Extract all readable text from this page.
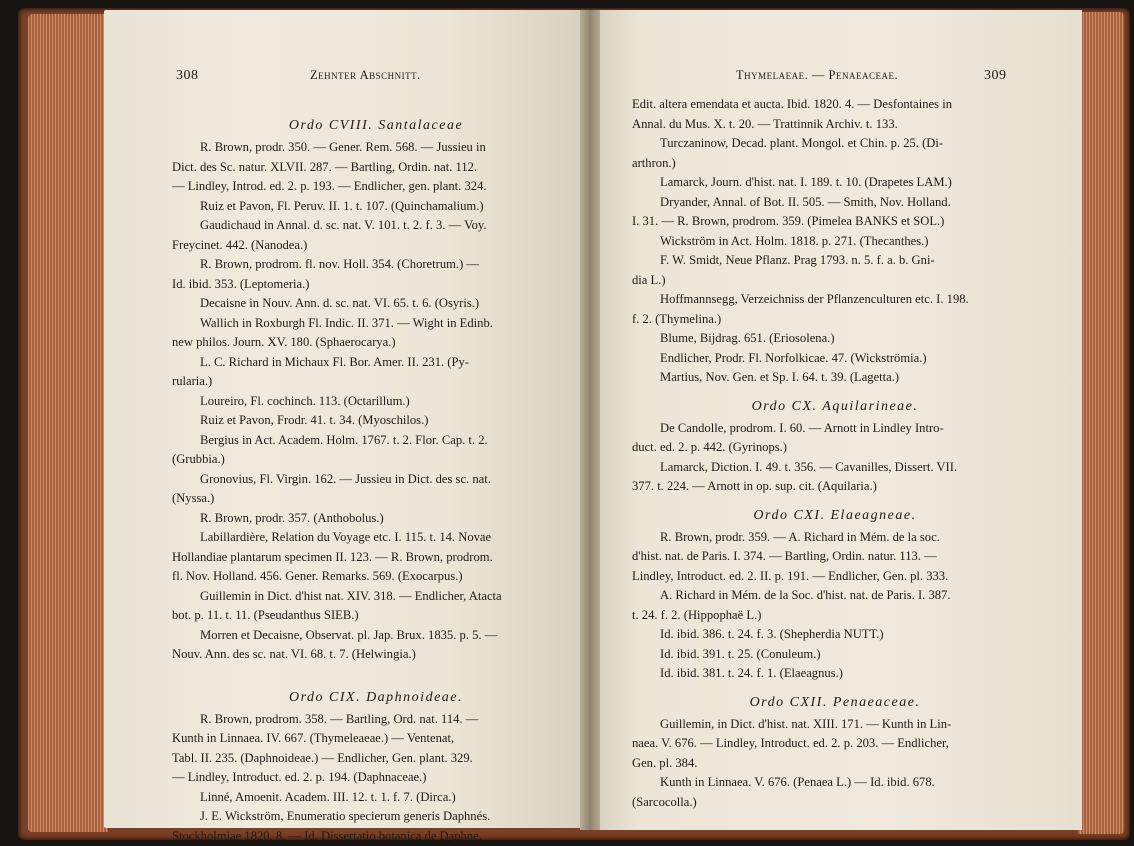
308	Zehnter Abschnitt.	Thymelaeae. — Penaeaceae.	309

Ordo CVIII. Santalaceae

R. Brown, prodr. 350. — Gener. Rem. 568. — Jussieu in

Dict. des Sc. natur. XLVII. 287. — Bartling, Ordin. nat. 112.

— Lindley, Introd. ed. 2. p. 193. — Endlicher, gen. plant. 324.

Ruiz et Pavon, Fl. Peruv. II. 1. t. 107. (Quinchamalium.)

Gaudichaud in Annal. d. sc. nat. V. 101. t. 2. f. 3. — Voy.

Freycinet. 442. (Nanodea.)

R. Brown, prodrom. fl. nov. Holl. 354. (Choretrum.) —

Id. ibid. 353. (Leptomeria.)

Decaisne in Nouv. Ann. d. sc. nat. VI. 65. t. 6. (Osyris.)

Wallich in Roxburgh Fl. Indic. II. 371. — Wight in Edinb.

new philos. Journ. XV. 180. (Sphaerocarya.)

L. C. Richard in Michaux Fl. Bor. Amer. II. 231. (Py-

rularia.)

Loureiro, Fl. cochinch. 113. (Octarillum.)

Ruiz et Pavon, Frodr. 41. t. 34. (Myoschilos.)

Bergius in Act. Academ. Holm. 1767. t. 2. Flor. Cap. t. 2.

(Grubbia.)

Gronovius, Fl. Virgin. 162. — Jussieu in Dict. des sc. nat.

(Nyssa.)

R. Brown, prodr. 357. (Anthobolus.)

Labillardière, Relation du Voyage etc. I. 115. t. 14. Novae

Hollandiae plantarum specimen II. 123. — R. Brown, prodrom.

fl. Nov. Holland. 456. Gener. Remarks. 569. (Exocarpus.)

Guillemin in Dict. d'hist nat. XIV. 318. — Endlicher, Atacta

bot. p. 11. t. 11. (Pseudanthus SIEB.)

Morren et Decaisne, Observat. pl. Jap. Brux. 1835. p. 5. —

Nouv. Ann. des sc. nat. VI. 68. t. 7. (Helwingia.)

Ordo CIX. Daphnoideae.

R. Brown, prodrom. 358. — Bartling, Ord. nat. 114. —

Kunth in Linnaea. IV. 667. (Thymeleaeae.) — Ventenat,

Tabl. II. 235. (Daphnoideae.) — Endlicher, Gen. plant. 329.

— Lindley, Introduct. ed. 2. p. 194. (Daphnaceae.)

Linné, Amoenit. Academ. III. 12. t. 1. f. 7. (Dirca.)

J. E. Wickström, Enumeratio specierum generis Daphnés.

Stockholmiae 1820. 8. — Id. Dissertatio botanica de Daphne.

Edit. altera emendata et aucta. Ibid. 1820. 4. — Desfontaines in

Annal. du Mus. X. t. 20. — Trattinnik Archiv. t. 133.

Turczaninow, Decad. plant. Mongol. et Chin. p. 25. (Di-

arthron.)

Lamarck, Journ. d'hist. nat. I. 189. t. 10. (Drapetes LAM.)

Dryander, Annal. of Bot. II. 505. — Smith, Nov. Holland.

I. 31. — R. Brown, prodrom. 359. (Pimelea BANKS et SOL.)

Wickström in Act. Holm. 1818. p. 271. (Thecanthes.)

F. W. Smidt, Neue Pflanz. Prag 1793. n. 5. f. a. b. Gni-

dia L.)

Hoffmannsegg, Verzeichniss der Pflanzenculturen etc. I. 198.

f. 2. (Thymelina.)

Blume, Bijdrag. 651. (Eriosolena.)

Endlicher, Prodr. Fl. Norfolkicae. 47. (Wickströmia.)

Martius, Nov. Gen. et Sp. I. 64. t. 39. (Lagetta.)

Ordo CX. Aquilarineae.

De Candolle, prodrom. I. 60. — Arnott in Lindley Intro-

duct. ed. 2. p. 442. (Gyrinops.)

Lamarck, Diction. I. 49. t. 356. — Cavanilles, Dissert. VII.

377. t. 224. — Arnott in op. sup. cit. (Aquilaria.)

Ordo CXI. Elaeagneae.

R. Brown, prodr. 359. — A. Richard in Mém. de la soc.

d'hist. nat. de Paris. I. 374. — Bartling, Ordin. natur. 113. —

Lindley, Introduct. ed. 2. II. p. 191. — Endlicher, Gen. pl. 333.

A. Richard in Mém. de la Soc. d'hist. nat. de Paris. I. 387.

t. 24. f. 2. (Hippophaë L.)

Id. ibid. 386. t. 24. f. 3. (Shepherdia NUTT.)

Id. ibid. 391. t. 25. (Conuleum.)

Id. ibid. 381. t. 24. f. 1. (Elaeagnus.)

Ordo CXII. Penaeaceae.

Guillemin, in Dict. d'hist. nat. XIII. 171. — Kunth in Lin-

naea. V. 676. — Lindley, Introduct. ed. 2. p. 203. — Endlicher,

Gen. pl. 384.

Kunth in Linnaea. V. 676. (Penaea L.) — Id. ibid. 678.

(Sarcocolla.)
